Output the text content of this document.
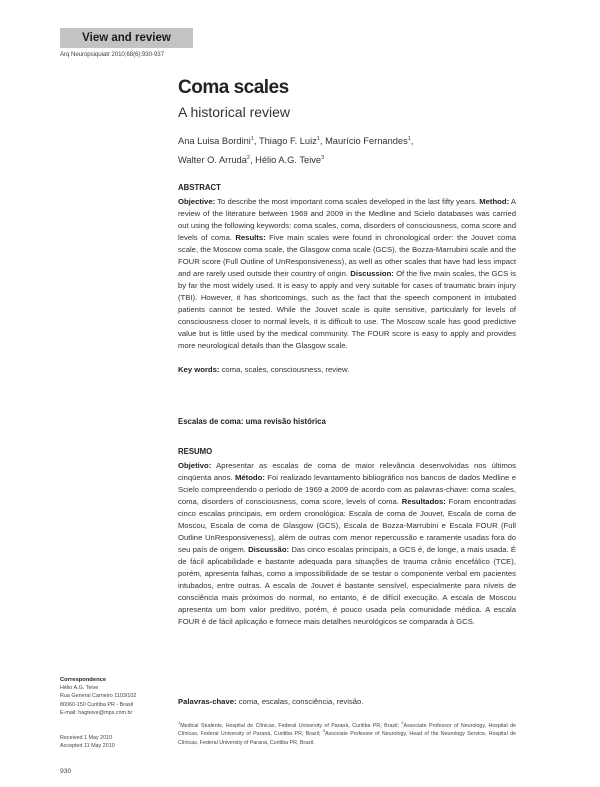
View and review
Arq Neuropsiquiatr 2010;68(6):930-937
Coma scales
A historical review
Ana Luisa Bordini$^1$, Thiago F. Luiz$^1$, Maurício Fernandes$^1$,
Walter O. Arruda$^2$, Hélio A.G. Teive$^3$
ABSTRACT
Objective: To describe the most important coma scales developed in the last fifty years. Method: A review of the literature between 1969 and 2009 in the Medline and Scielo databases was carried out using the following keywords: coma scales, coma, disorders of consciousness, coma score and levels of coma. Results: Five main scales were found in chronological order: the Jouvet coma scale, the Moscow coma scale, the Glasgow coma scale (GCS), the Bozza-Marrubini scale and the FOUR score (Full Outline of UnResponsiveness), as well as other scales that have had less impact and are rarely used outside their country of origin. Discussion: Of the five main scales, the GCS is by far the most widely used. It is easy to apply and very suitable for cases of traumatic brain injury (TBI). However, it has shortcomings, such as the fact that the speech component in intubated patients cannot be tested. While the Jouvet scale is quite sensitive, particularly for levels of consciousness closer to normal levels, it is difficult to use. The Moscow scale has good predictive value but is little used by the medical community. The FOUR score is easy to apply and provides more neurological details than the Glasgow scale.
Key words: coma, scales, consciousness, review.
Escalas de coma: uma revisão histórica
RESUMO
Objetivo: Apresentar as escalas de coma de maior relevância desenvolvidas nos últimos cinqüenta anos. Método: Foi realizado levantamento bibliográfico nos bancos de dados Medline e Scielo compreendendo o período de 1969 a 2009 de acordo com as palavras-chave: coma scales, coma, disorders of consciousness, coma score, levels of coma. Resultados: Foram encontradas cinco escalas principais, em ordem cronológica: Escala de coma de Jouvet, Escala de coma de Moscou, Escala de coma de Glasgow (GCS), Escala de Bozza-Marrubini e Escala FOUR (Full Outline UnResponsiveness), além de outras com menor repercussão e raramente usadas fora do seu país de origem. Discussão: Das cinco escalas principais, a GCS é, de longe, a mais usada. É de fácil aplicabilidade e bastante adequada para situações de trauma crânio encefálico (TCE), porém, apresenta falhas, como a impossibilidade de se testar o componente verbal em pacientes intubados, entre outras. A escala de Jouvet é bastante sensível, especialmente para níveis de consciência mais próximos do normal, no entanto, é de difícil execução. A escala de Moscou apresenta um bom valor preditivo, porém, é pouco usada pela comunidade médica. A escala FOUR é de fácil aplicação e fornece mais detalhes neurológicos se comparada à GCS.
Palavras-chave: coma, escalas, consciência, revisão.
Correspondence
Hélio A.G. Teive
Rua General Carneiro 1103/102
80060-150 Curitiba PR - Brasil
E-mail: hagteive@mps.com.br
Received 1 May 2010
Accepted 11 May 2010
$^1$Medical Students, Hospital de Clínicas, Federal University of Paraná, Curitiba PR, Brazil; $^2$Associate Professor of Neurology, Hospital de Clínicas, Federal University of Paraná, Curitiba PR, Brazil; $^3$Associate Professor of Neurology, Head of the Neurology Service, Hospital de Clínicas, Federal University of Paraná, Curitiba PR, Brazil.
930
